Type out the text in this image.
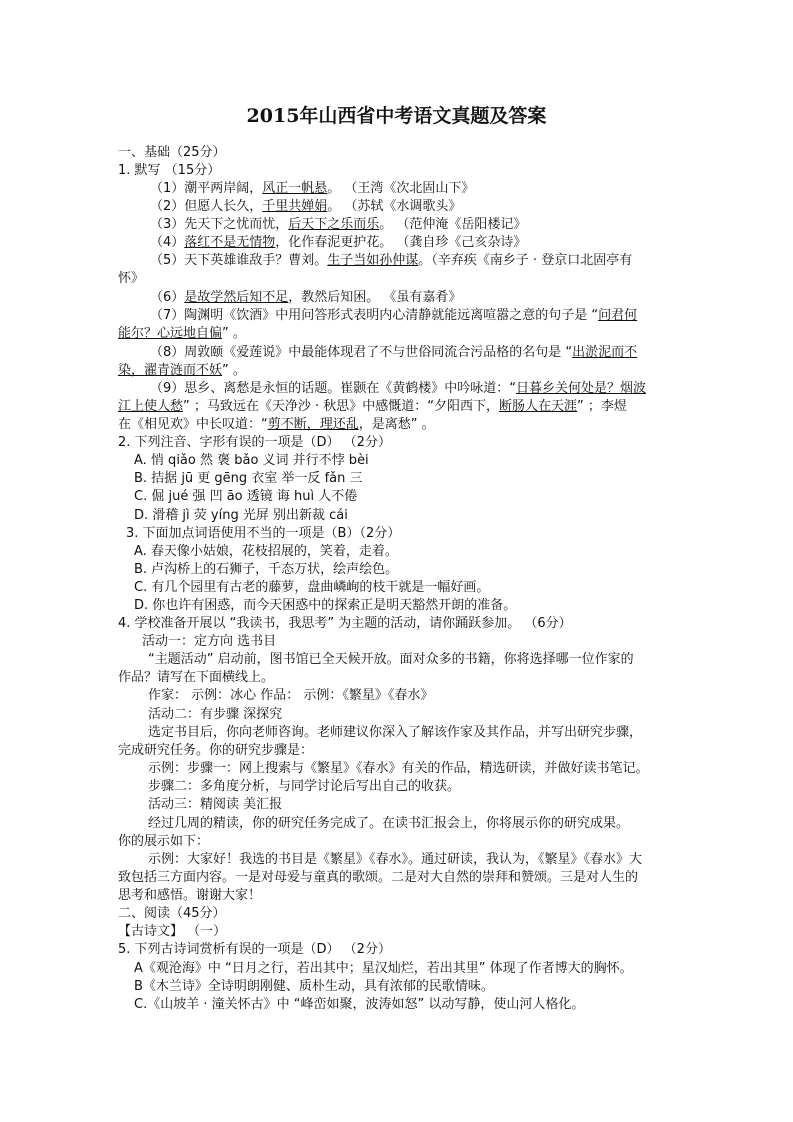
2015年山西省中考语文真题及答案
一、基础（25分）
1. 默写 （15分）
（1）潮平两岸阔，风正一帆悬。 （王湾《次北固山下》
（2）但愿人长久，千里共婵娟。 （苏轼《水调歌头》
（3）先天下之忧而忧，后天下之乐而乐。 （范仲淹《岳阳楼记》
（4）落红不是无情物，化作春泥更护花。 （龚自珍《己亥杂诗》
（5）天下英雄谁敌手？曹刘。生子当如孙仲谋。（辛弃疾《南乡子 · 登京口北固亭有
怀》
（6）是故学然后知不足，教然后知困。 《虽有嘉肴》
（7）陶渊明《饮酒》中用问答形式表明内心清静就能远离喧嚣之意的句子是 “问君何
能尔？心远地自偏” 。
（8）周敦颐《爱莲说》中最能体现君了不与世俗同流合污品格的名句是 “出淤泥而不
染，濯青涟而不妖” 。
（9）思乡、离愁是永恒的话题。崔颢在《黄鹤楼》中吟咏道：“日暮乡关何处是？烟波
江上使人愁” ；马致远在《天净沙 · 秋思》中感慨道：“夕阳西下，断肠人在天涯” ；李煜
在《相见欢》中长叹道：“剪不断，理还乱，是离愁” 。
2. 下列注音、字形有误的一项是（D） （2分）
A. 悄 qiǎo 然 褒 bǎo 义词 并行不悖 bèi
B. 拮据 jū 更 gēng 衣室 举一反 fǎn 三
C. 倔 jué 强 凹 āo 透镜 诲 huì 人不倦
D. 滑稽 jì 荧 yíng 光屏 别出新裁 cái
3. 下面加点词语使用不当的一项是（B）（2分）
A. 春天像小姑娘，花枝招展的，笑着，走着。
B. 卢沟桥上的石狮子，千态万状，绘声绘色。
C. 有几个园里有古老的藤萝，盘曲嶙峋的枝干就是一幅好画。
D. 你也许有困惑，而今天困惑中的探索正是明天豁然开朗的准备。
4. 学校准备开展以 “我读书，我思考” 为主题的活动，请你踊跃参加。 （6分）
活动一：定方向 选书目
“主题活动” 启动前，图书馆已全天候开放。面对众多的书籍，你将选择哪一位作家的
作品？请写在下面横线上。
作家： 示例：冰心 作品： 示例：《繁星》《春水》
活动二：有步骤 深探究
选定书目后，你向老师咨询。老师建议你深入了解该作家及其作品，并写出研究步骤，
完成研究任务。你的研究步骤是：
示例：步骤一：网上搜索与《繁星》《春水》有关的作品，精选研读，并做好读书笔记。
步骤二：多角度分析，与同学讨论后写出自己的收获。
活动三：精阅读 美汇报
经过几周的精读，你的研究任务完成了。在读书汇报会上，你将展示你的研究成果。
你的展示如下：
示例：大家好！我选的书目是《繁星》《春水》。通过研读，我认为，《繁星》《春水》大
致包括三方面内容。一是对母爱与童真的歌颂。二是对大自然的崇拜和赞颂。三是对人生的
思考和感悟。谢谢大家！
二、阅读（45分）
【古诗文】 （一）
5. 下列古诗词赏析有误的一项是（D） （2分）
A《观沧海》中 “日月之行，若出其中；星汉灿烂，若出其里” 体现了作者博大的胸怀。
B《木兰诗》全诗明朗刚健、质朴生动，具有浓郁的民歌情味。
C.《山坡羊 · 潼关怀古》中 “峰峦如聚，波涛如怒” 以动写静，使山河人格化。
